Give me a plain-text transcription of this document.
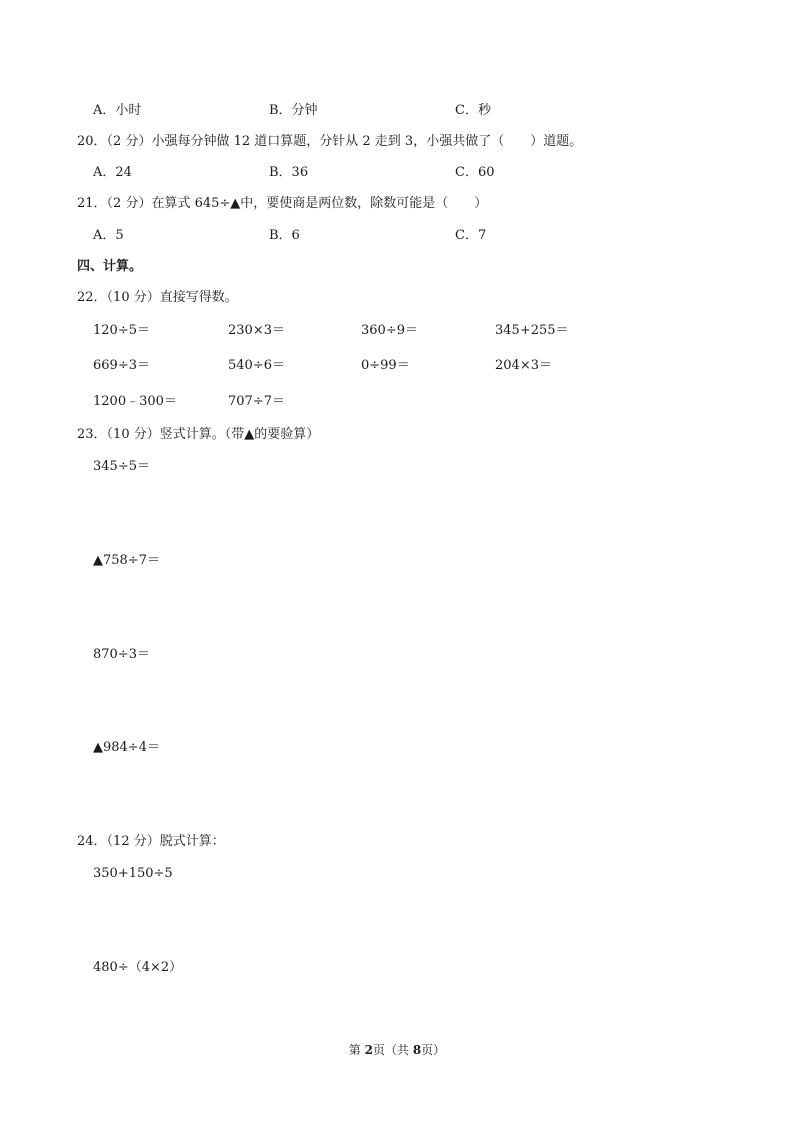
A．小时	B．分钟	C．秒
20．（2 分）小强每分钟做 12 道口算题，分针从 2 走到 3，小强共做了（　　）道题。
A．24	B．36	C．60
21．（2 分）在算式 645÷▲中，要使商是两位数，除数可能是（　　）
A．5	B．6	C．7
四、计算。
22．（10 分）直接写得数。
120÷5＝	230×3＝	360÷9＝	345+255＝
669÷3＝	540÷6＝	0÷99＝	204×3＝
1200﹣300＝	707÷7＝
23．（10 分）竖式计算。（带▲的要验算）
345÷5＝
▲758÷7＝
870÷3＝
▲984÷4＝
24．（12 分）脱式计算：
350+150÷5
480÷（4×2）
第 2页（共 8页）
